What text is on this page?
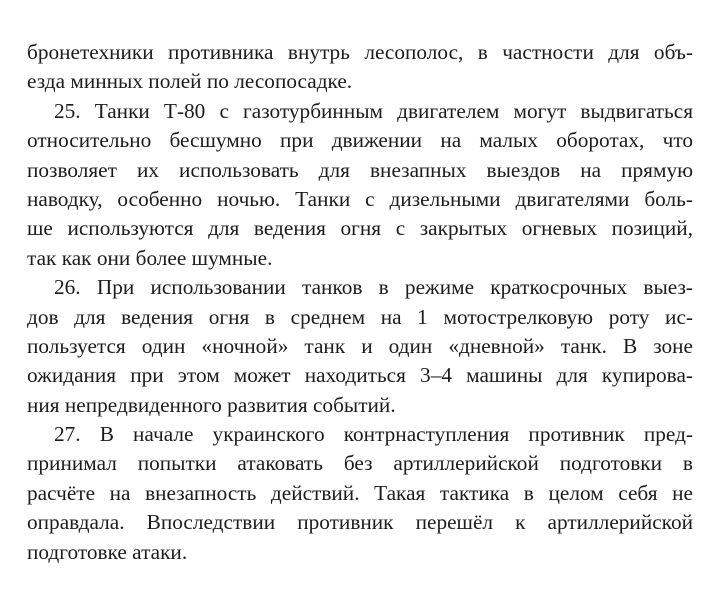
бронетехники противника внутрь лесополос, в частности для объ-
езда минных полей по лесопосадке.
25. Танки Т-80 с газотурбинным двигателем могут выдвигаться
относительно бесшумно при движении на малых оборотах, что
позволяет их использовать для внезапных выездов на прямую
наводку, особенно ночью. Танки с дизельными двигателями боль-
ше используются для ведения огня с закрытых огневых позиций,
так как они более шумные.
26. При использовании танков в режиме краткосрочных выез-
дов для ведения огня в среднем на 1 мотострелковую роту ис-
пользуется один «ночной» танк и один «дневной» танк. В зоне
ожидания при этом может находиться 3–4 машины для купирова-
ния непредвиденного развития событий.
27. В начале украинского контрнаступления противник пред-
принимал попытки атаковать без артиллерийской подготовки в
расчёте на внезапность действий. Такая тактика в целом себя не
оправдала. Впоследствии противник перешёл к артиллерийской
подготовке атаки.
